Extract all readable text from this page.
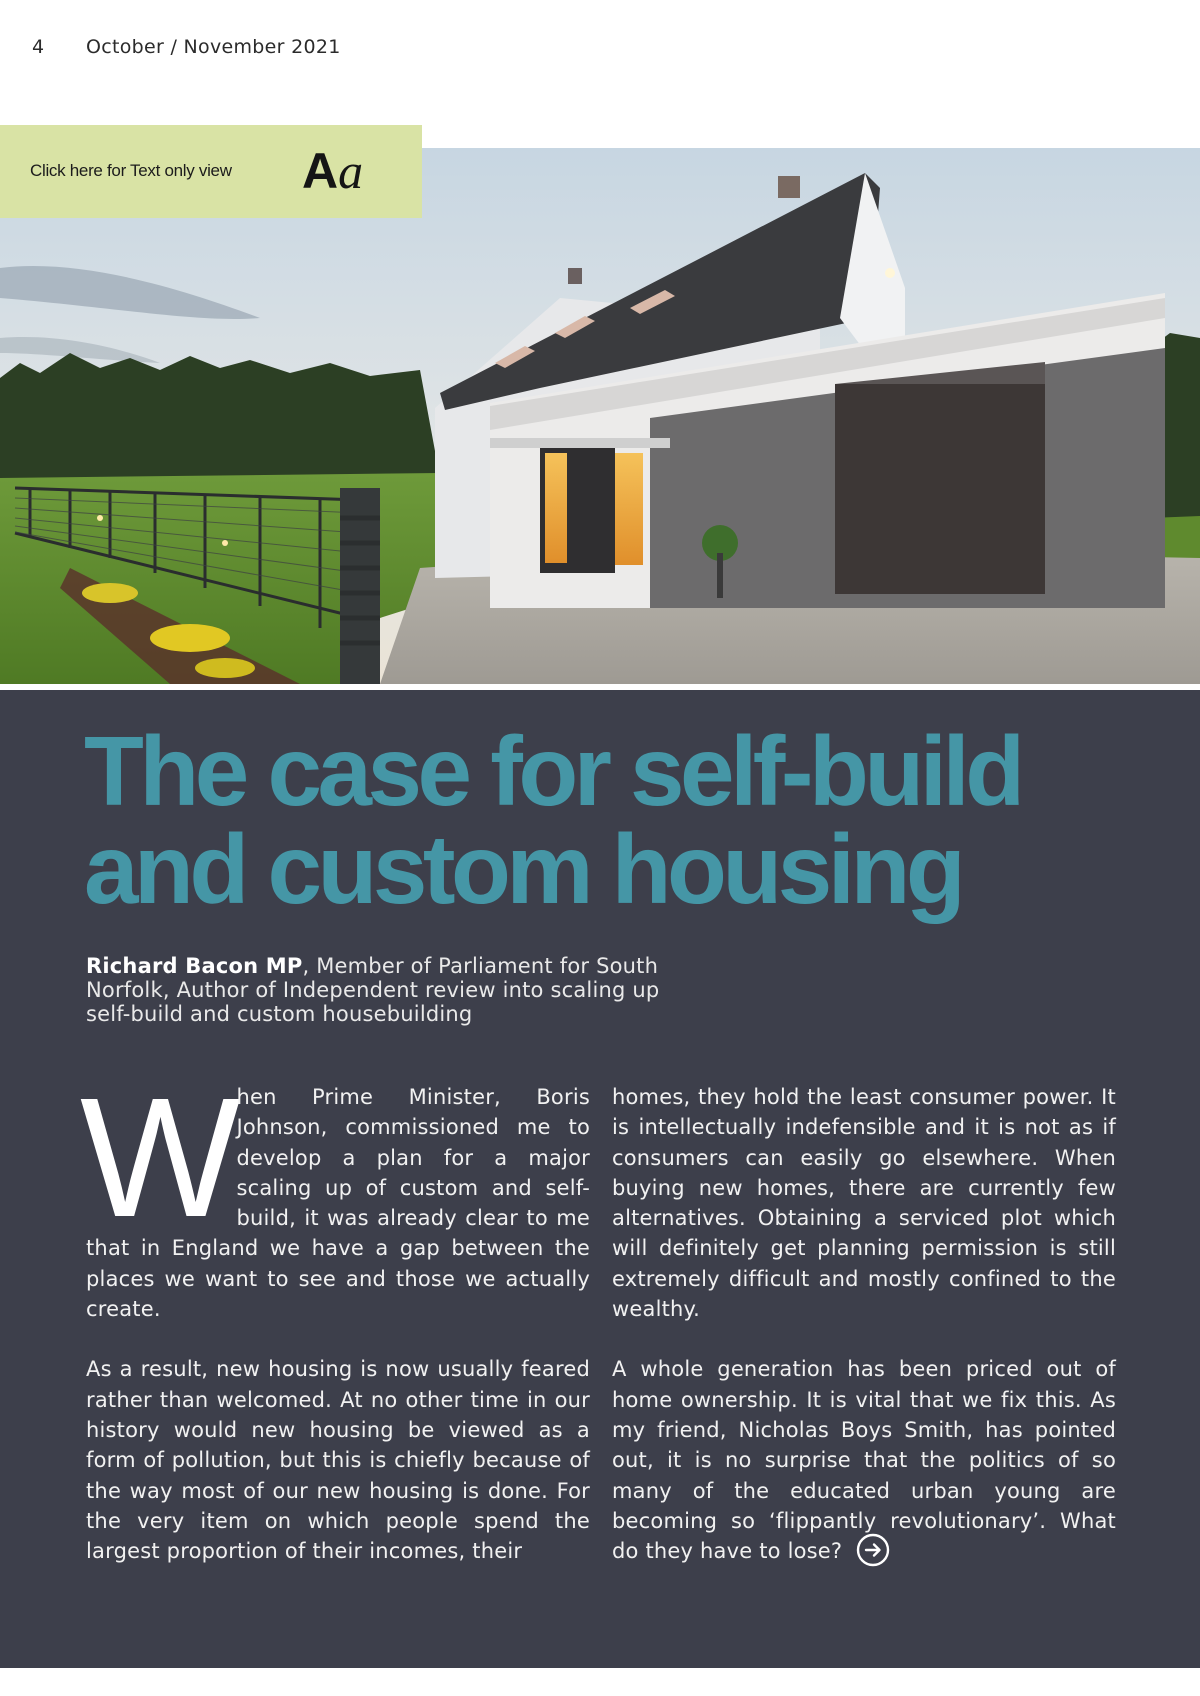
4 October / November 2021
Click here for Text only view Aa
The case for self-build
and custom housing
Richard Bacon MP, Member of Parliament for South Norfolk, Author of Independent review into scaling up self-build and custom housebuilding

When Prime Minister, Boris Johnson, commissioned me to develop a plan for a major scaling up of custom and self-build, it was already clear to me that in England we have a gap between the places we want to see and those we actually create.

As a result, new housing is now usually feared rather than welcomed. At no other time in our history would new housing be viewed as a form of pollution, but this is chiefly because of the way most of our new housing is done. For the very item on which people spend the largest proportion of their incomes, their

homes, they hold the least consumer power. It is intellectually indefensible and it is not as if consumers can easily go elsewhere. When buying new homes, there are currently few alternatives. Obtaining a serviced plot which will definitely get planning permission is still extremely difficult and mostly confined to the wealthy.

A whole generation has been priced out of home ownership. It is vital that we fix this. As my friend, Nicholas Boys Smith, has pointed out, it is no surprise that the politics of so many of the educated urban young are becoming so ‘flippantly revolutionary’. What do they have to lose?
